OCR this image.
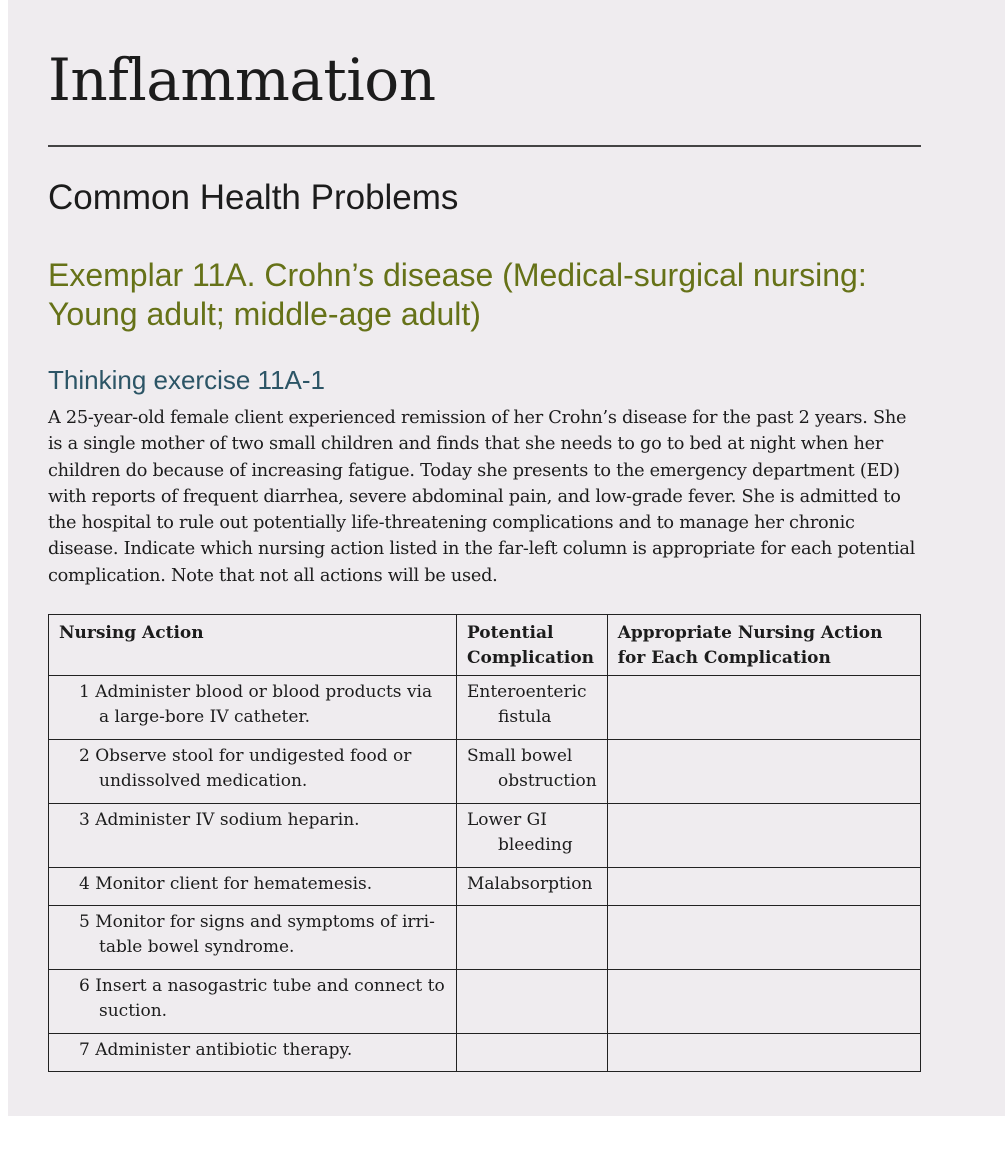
Inflammation
Common Health Problems
Exemplar 11A. Crohn’s disease (Medical-surgical nursing: Young adult; middle-age adult)
Thinking exercise 11A-1

A 25-year-old female client experienced remission of her Crohn’s disease for the past 2 years. She is a single mother of two small children and finds that she needs to go to bed at night when her children do because of increasing fatigue. Today she presents to the emergency department (ED) with reports of frequent diarrhea, severe abdominal pain, and low-grade fever. She is admitted to the hospital to rule out potentially life-threatening complications and to manage her chronic disease. Indicate which nursing action listed in the far-left column is appropriate for each potential complication. Note that not all actions will be used.

Nursing Action	Potential Complication	Appropriate Nursing Action for Each Complication

1 Administer blood or blood products via a large-bore IV catheter.	Enteroenteric fistula	

2 Observe stool for undigested food or undissolved medication.	Small bowel obstruction	

3 Administer IV sodium heparin.	Lower GI bleeding	

4 Monitor client for hematemesis.	Malabsorption	

5 Monitor for signs and symptoms of irri-table bowel syndrome.		

6 Insert a nasogastric tube and connect to suction.		

7 Administer antibiotic therapy.		
